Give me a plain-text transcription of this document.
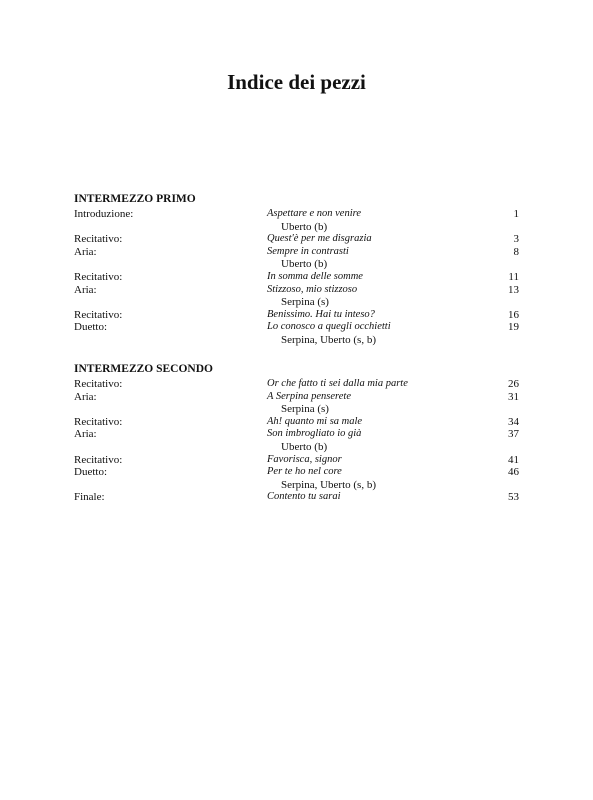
Indice dei pezzi
INTERMEZZO PRIMO
Introduzione:	Aspettare e non venire	1
Uberto (b)
Recitativo:	Quest'è per me disgrazia	3
Aria:	Sempre in contrasti	8
Uberto (b)
Recitativo:	In somma delle somme	11
Aria:	Stizzoso, mio stizzoso	13
Serpina (s)
Recitativo:	Benissimo. Hai tu inteso?	16
Duetto:	Lo conosco a quegli occhietti	19
Serpina, Uberto (s, b)
INTERMEZZO SECONDO
Recitativo:	Or che fatto ti sei dalla mia parte	26
Aria:	A Serpina penserete	31
Serpina (s)
Recitativo:	Ah! quanto mi sa male	34
Aria:	Son imbrogliato io già	37
Uberto (b)
Recitativo:	Favorisca, signor	41
Duetto:	Per te ho nel core	46
Serpina, Uberto (s, b)
Finale:	Contento tu sarai	53
